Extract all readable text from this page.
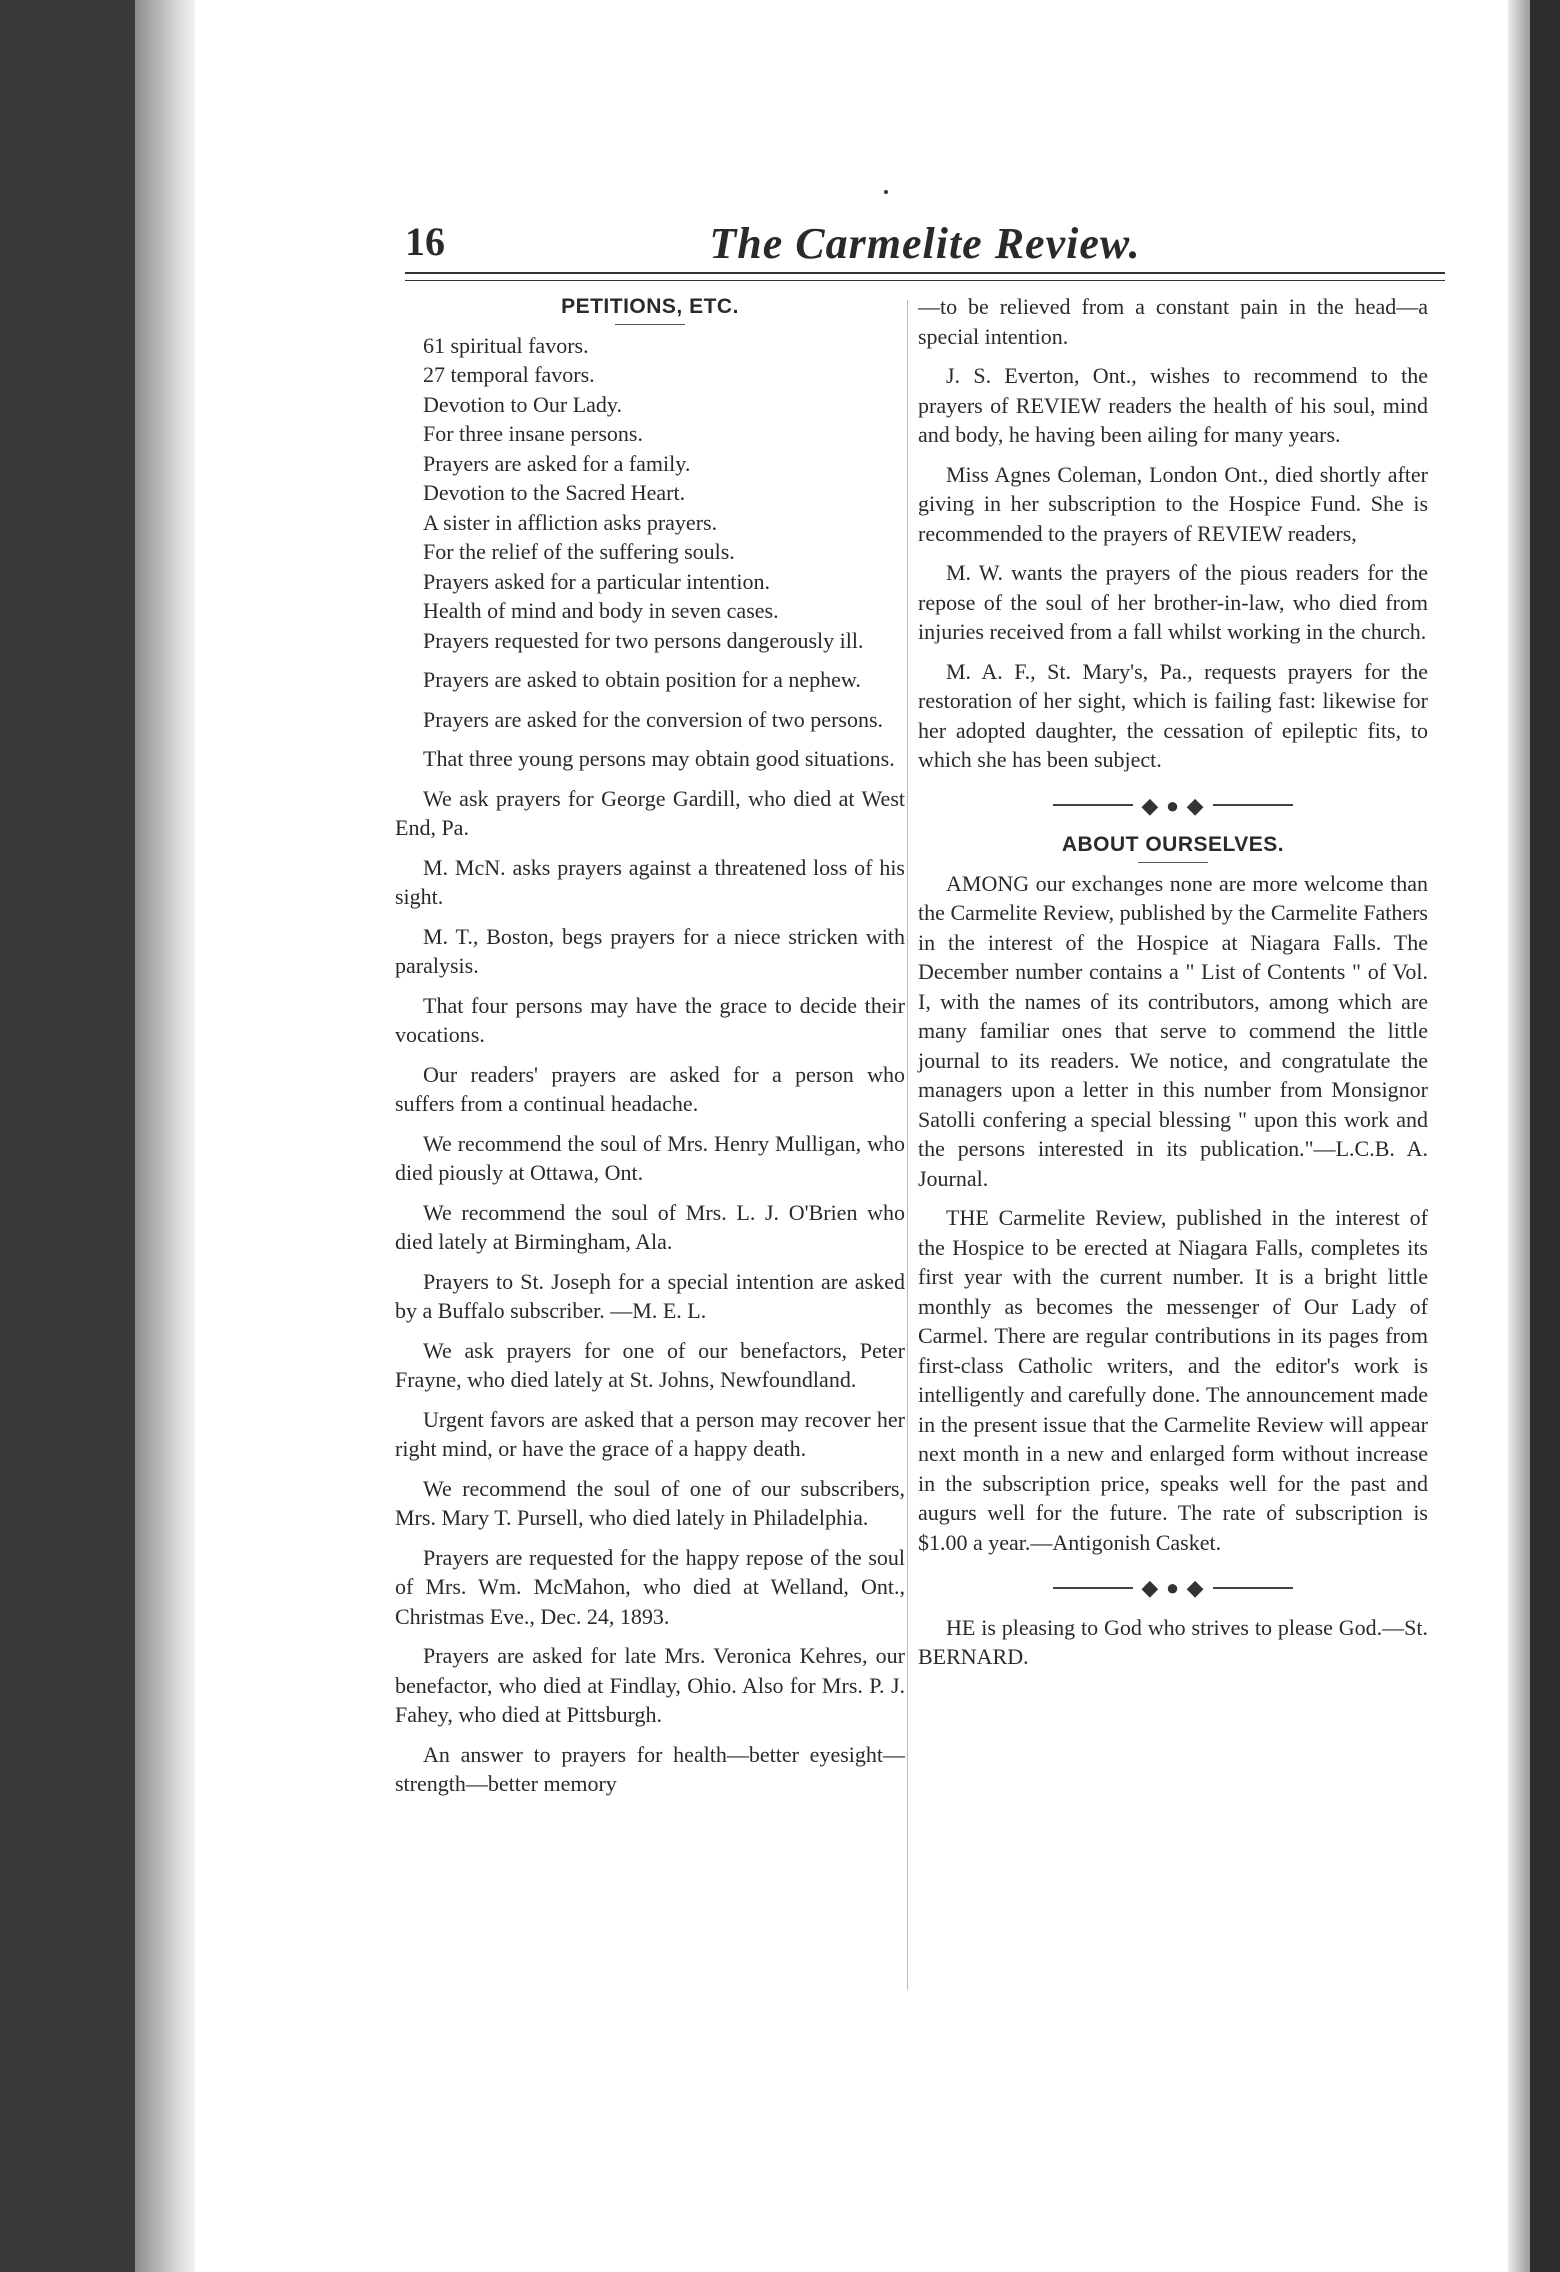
16	The Carmelite Review.
PETITIONS, ETC.

61 spiritual favors.

27 temporal favors.

Devotion to Our Lady.

For three insane persons.

Prayers are asked for a family.

Devotion to the Sacred Heart.

A sister in affliction asks prayers.

For the relief of the suffering souls.

Prayers asked for a particular intention.

Health of mind and body in seven cases.

Prayers requested for two persons dangerously ill.

Prayers are asked to obtain position for a nephew.

Prayers are asked for the conversion of two persons.

That three young persons may obtain good situations.

We ask prayers for George Gardill, who died at West End, Pa.

M. McN. asks prayers against a threatened loss of his sight.

M. T., Boston, begs prayers for a niece stricken with paralysis.

That four persons may have the grace to decide their vocations.

Our readers' prayers are asked for a person who suffers from a continual headache.

We recommend the soul of Mrs. Henry Mulligan, who died piously at Ottawa, Ont.

We recommend the soul of Mrs. L. J. O'Brien who died lately at Birmingham, Ala.

Prayers to St. Joseph for a special intention are asked by a Buffalo subscriber. —M. E. L.

We ask prayers for one of our benefactors, Peter Frayne, who died lately at St. Johns, Newfoundland.

Urgent favors are asked that a person may recover her right mind, or have the grace of a happy death.

We recommend the soul of one of our subscribers, Mrs. Mary T. Pursell, who died lately in Philadelphia.

Prayers are requested for the happy repose of the soul of Mrs. Wm. McMahon, who died at Welland, Ont., Christmas Eve., Dec. 24, 1893.

Prayers are asked for late Mrs. Veronica Kehres, our benefactor, who died at Findlay, Ohio. Also for Mrs. P. J. Fahey, who died at Pittsburgh.

An answer to prayers for health—better eyesight—strength—better memory

—to be relieved from a constant pain in the head—a special intention.

J. S. Everton, Ont., wishes to recommend to the prayers of REVIEW readers the health of his soul, mind and body, he having been ailing for many years.

Miss Agnes Coleman, London Ont., died shortly after giving in her subscription to the Hospice Fund. She is recommended to the prayers of REVIEW readers,

M. W. wants the prayers of the pious readers for the repose of the soul of her brother-in-law, who died from injuries received from a fall whilst working in the church.

M. A. F., St. Mary's, Pa., requests prayers for the restoration of her sight, which is failing fast: likewise for her adopted daughter, the cessation of epileptic fits, to which she has been subject.

◆ ● ◆
ABOUT OURSELVES.

AMONG our exchanges none are more welcome than the Carmelite Review, published by the Carmelite Fathers in the interest of the Hospice at Niagara Falls. The December number contains a " List of Contents " of Vol. I, with the names of its contributors, among which are many familiar ones that serve to commend the little journal to its readers. We notice, and congratulate the managers upon a letter in this number from Monsignor Satolli confering a special blessing " upon this work and the persons interested in its publication."—L.C.B. A. Journal.

THE Carmelite Review, published in the interest of the Hospice to be erected at Niagara Falls, completes its first year with the current number. It is a bright little monthly as becomes the messenger of Our Lady of Carmel. There are regular contributions in its pages from first-class Catholic writers, and the editor's work is intelligently and carefully done. The announcement made in the present issue that the Carmelite Review will appear next month in a new and enlarged form without increase in the subscription price, speaks well for the past and augurs well for the future. The rate of subscription is $1.00 a year.—Antigonish Casket.

◆ ● ◆

HE is pleasing to God who strives to please God.—St. BERNARD.
